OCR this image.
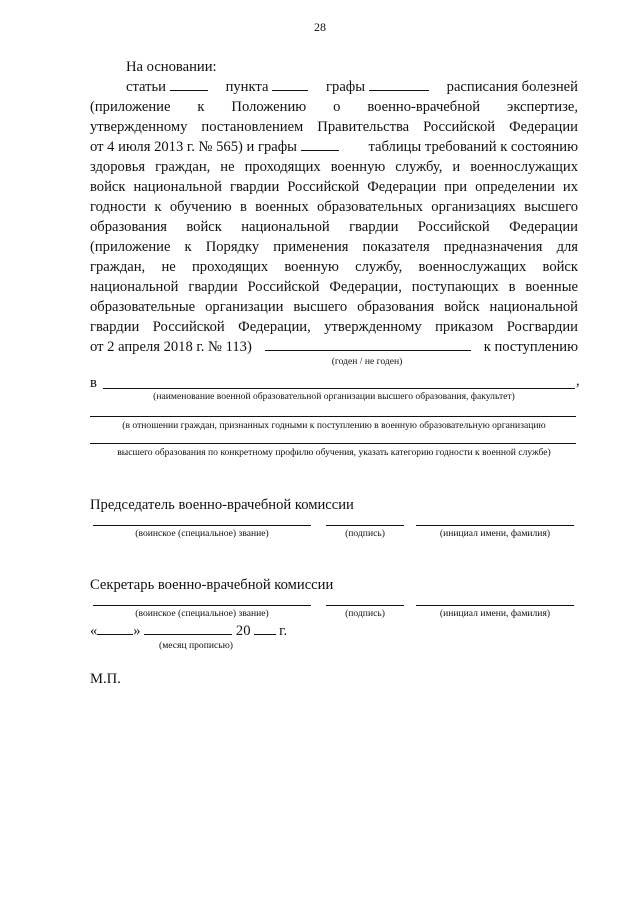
28
На основании:
статьи	пункта	графы	расписания болезней
(приложение к Положению о военно-врачебной экспертизе,
утвержденному постановлением Правительства Российской Федерации
от 4 июля 2013 г. № 565) и графы	таблицы требований к состоянию
здоровья граждан, не проходящих военную службу, и военнослужащих
войск национальной гвардии Российской Федерации при определении их
годности к обучению в военных образовательных организациях высшего
образования войск национальной гвардии Российской Федерации
(приложение к Порядку применения показателя предназначения для
граждан, не проходящих военную службу, военнослужащих войск
национальной гвардии Российской Федерации, поступающих в военные
образовательные организации высшего образования войск национальной
гвардии Российской Федерации, утвержденному приказом Росгвардии
от 2 апреля 2018 г. № 113)	к поступлению
(годен / не годен)
в	,
(наименование военной образовательной организации высшего образования, факультет)
(в отношении граждан, признанных годными к поступлению в военную образовательную организацию
высшего образования по конкретному профилю обучения, указать категорию годности к военной службе)
Председатель военно-врачебной комиссии
(воинское (специальное) звание)	(подпись)	(инициал имени, фамилия)
Секретарь военно-врачебной комиссии
(воинское (специальное) звание)	(подпись)	(инициал имени, фамилия)
« »	20 г.
(месяц прописью)
М.П.
